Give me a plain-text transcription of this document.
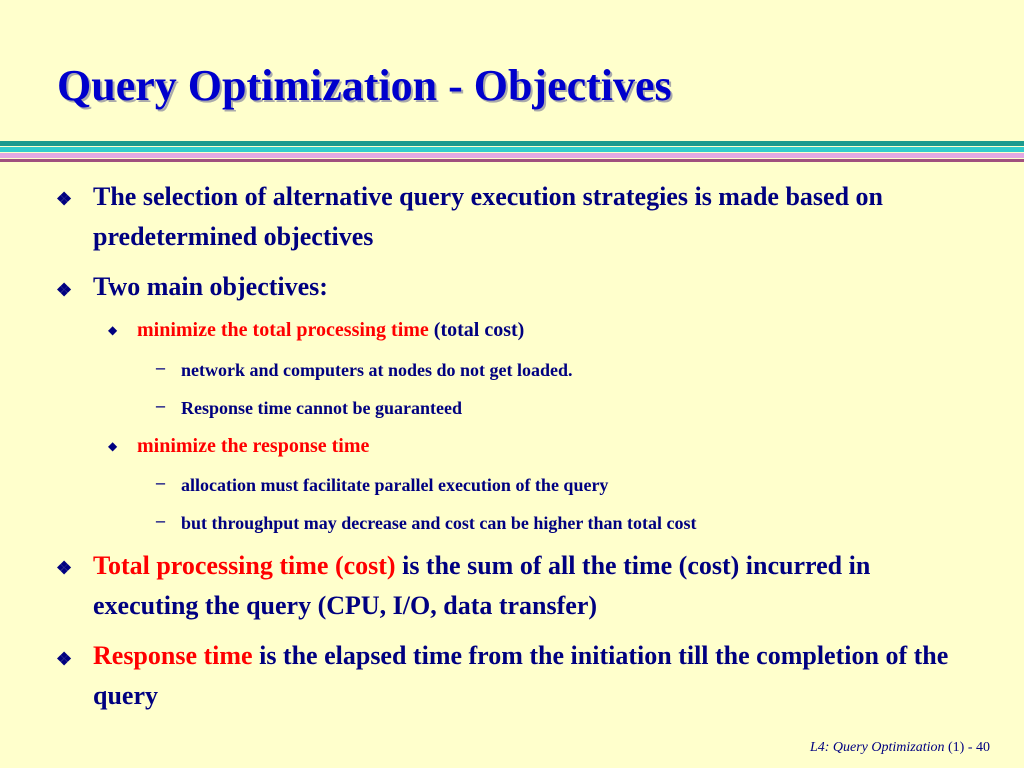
Query Optimization - Objectives
❖ The selection of alternative query execution strategies is made based on predetermined objectives
❖ Two main objectives:
◆ minimize the total processing time (total cost)
– network and computers at nodes do not get loaded.
– Response time cannot be guaranteed
◆ minimize the response time
– allocation must facilitate parallel execution of the query
– but throughput may decrease and cost can be higher than total cost
❖ Total processing time (cost) is the sum of all the time (cost) incurred in executing the query (CPU, I/O, data transfer)
❖ Response time is the elapsed time from the initiation till the completion of the query
L4: Query Optimization (1) - 40
